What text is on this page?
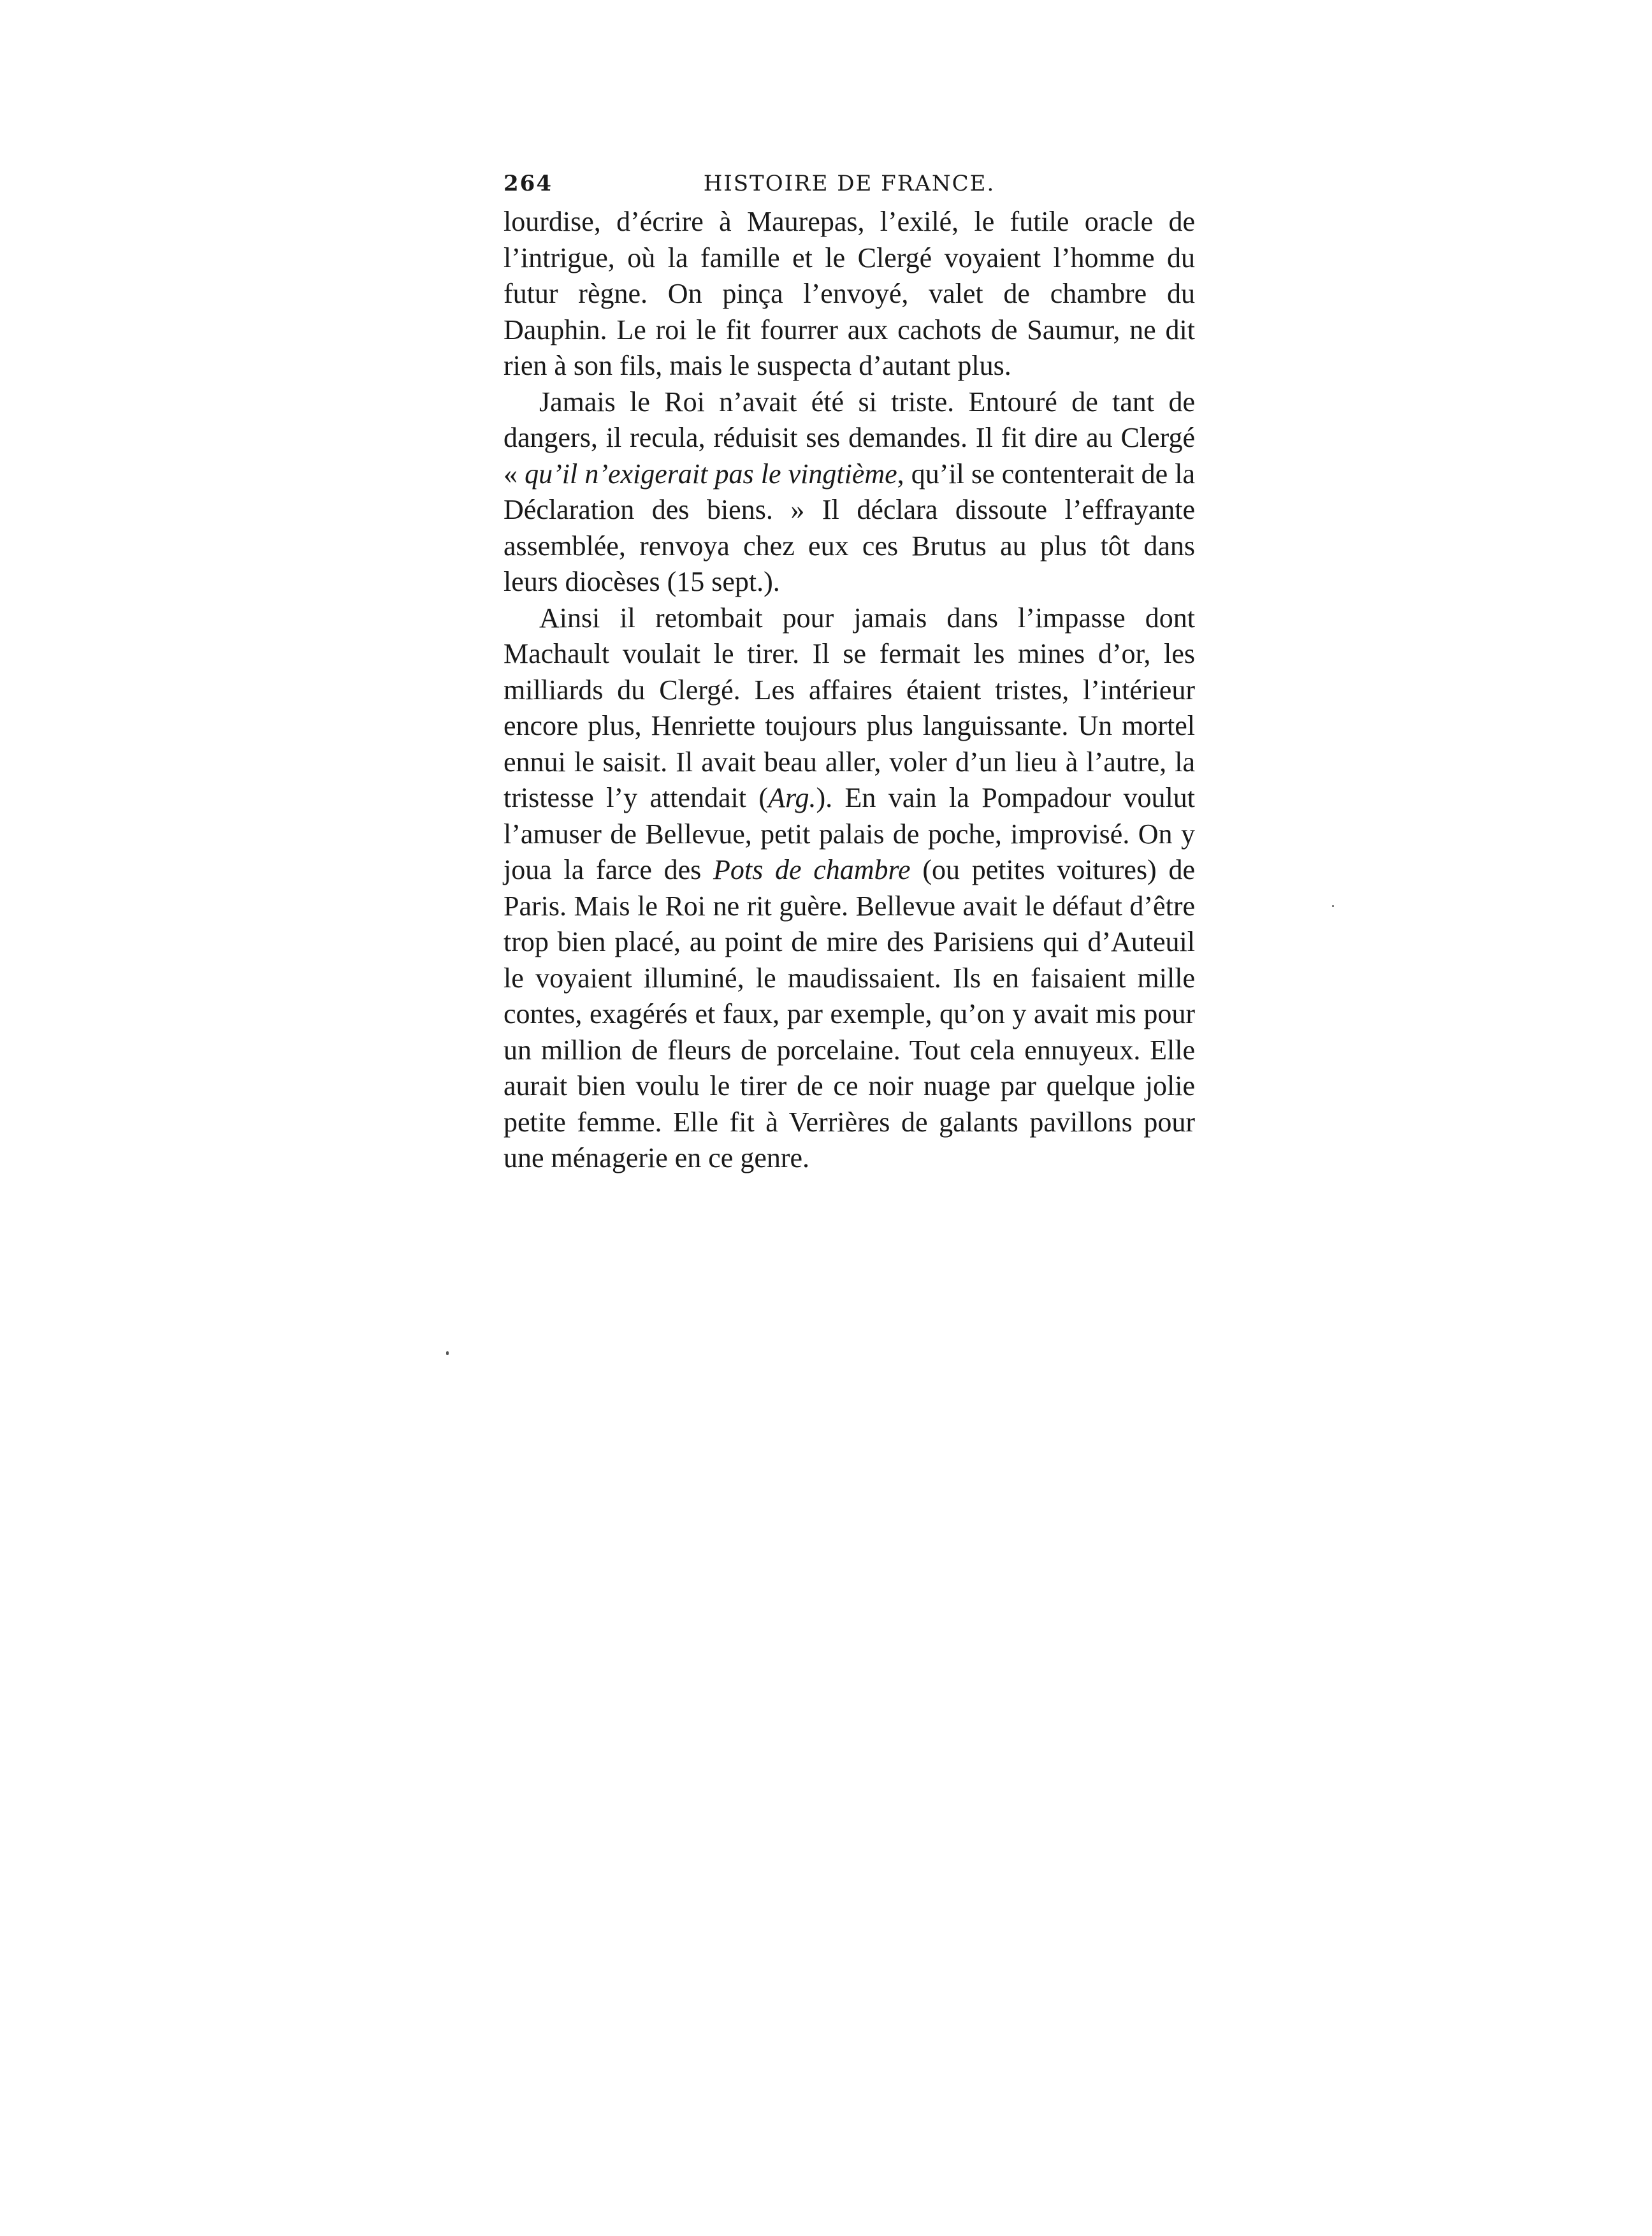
264	HISTOIRE DE FRANCE.

lourdise, d’écrire à Maurepas, l’exilé, le futile oracle de l’intrigue, où la famille et le Clergé voyaient l’homme du futur règne. On pinça l’envoyé, valet de chambre du Dauphin. Le roi le fit fourrer aux cachots de Saumur, ne dit rien à son fils, mais le suspecta d’autant plus.

Jamais le Roi n’avait été si triste. Entouré de tant de dangers, il recula, réduisit ses demandes. Il fit dire au Clergé « qu’il n’exigerait pas le vingtième, qu’il se contenterait de la Déclaration des biens. » Il déclara dissoute l’effrayante assemblée, renvoya chez eux ces Brutus au plus tôt dans leurs diocèses (15 sept.).

Ainsi il retombait pour jamais dans l’impasse dont Machault voulait le tirer. Il se fermait les mines d’or, les milliards du Clergé. Les affaires étaient tristes, l’intérieur encore plus, Henriette toujours plus languissante. Un mortel ennui le saisit. Il avait beau aller, voler d’un lieu à l’autre, la tristesse l’y attendait (Arg.). En vain la Pompadour voulut l’amuser de Bellevue, petit palais de poche, improvisé. On y joua la farce des Pots de chambre (ou petites voitures) de Paris. Mais le Roi ne rit guère. Bellevue avait le défaut d’être trop bien placé, au point de mire des Parisiens qui d’Auteuil le voyaient illuminé, le maudissaient. Ils en faisaient mille contes, exagérés et faux, par exemple, qu’on y avait mis pour un million de fleurs de porcelaine. Tout cela ennuyeux. Elle aurait bien voulu le tirer de ce noir nuage par quelque jolie petite femme. Elle fit à Verrières de galants pavillons pour une ménagerie en ce genre.
